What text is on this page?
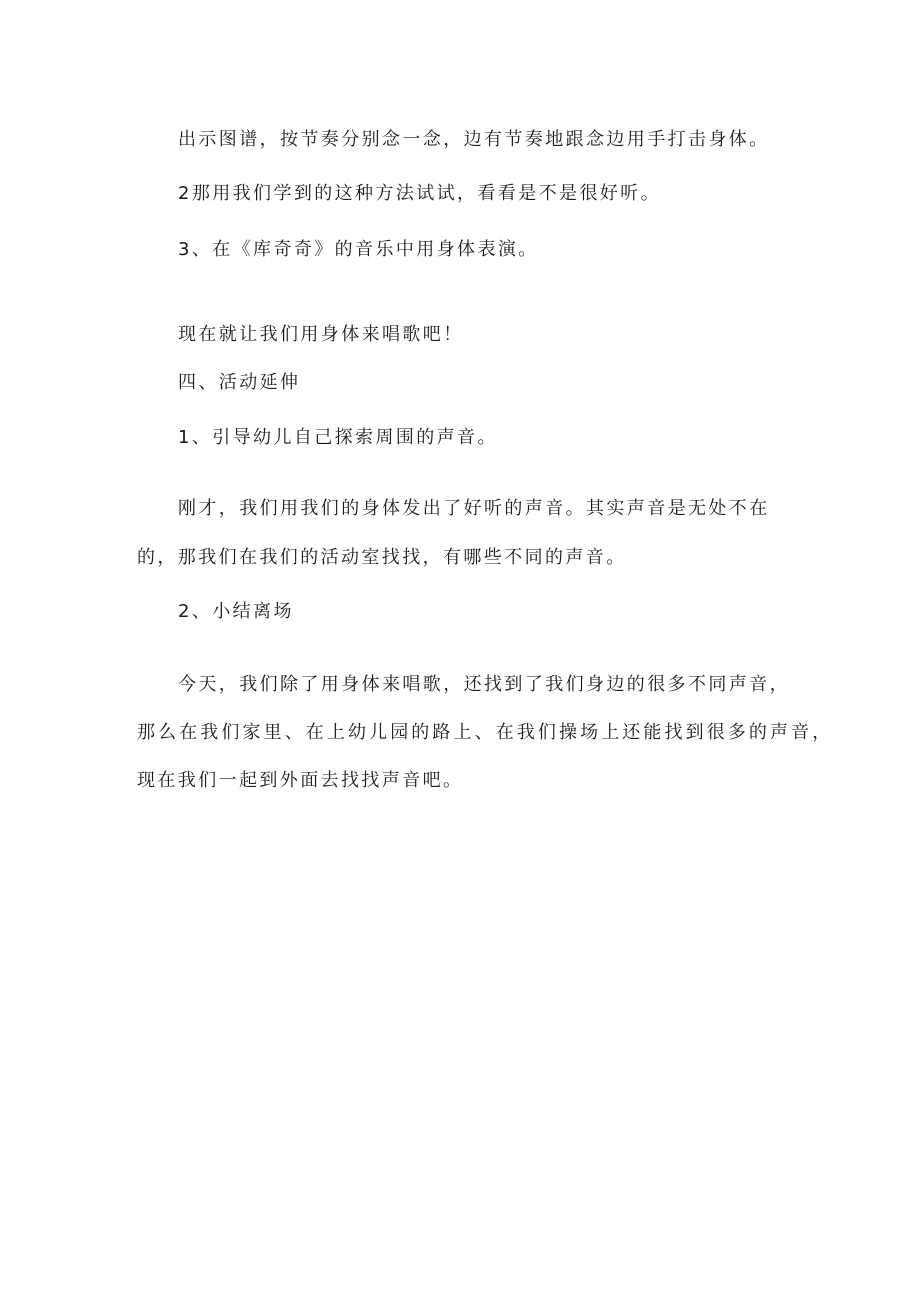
出示图谱，按节奏分别念一念，边有节奏地跟念边用手打击身体。

2那用我们学到的这种方法试试，看看是不是很好听。

3、在《库奇奇》的音乐中用身体表演。

现在就让我们用身体来唱歌吧！

四、活动延伸

1、引导幼儿自己探索周围的声音。

刚才，我们用我们的身体发出了好听的声音。其实声音是无处不在

的，那我们在我们的活动室找找，有哪些不同的声音。

2、小结离场

今天，我们除了用身体来唱歌，还找到了我们身边的很多不同声音，

那么在我们家里、在上幼儿园的路上、在我们操场上还能找到很多的声音，

现在我们一起到外面去找找声音吧。
